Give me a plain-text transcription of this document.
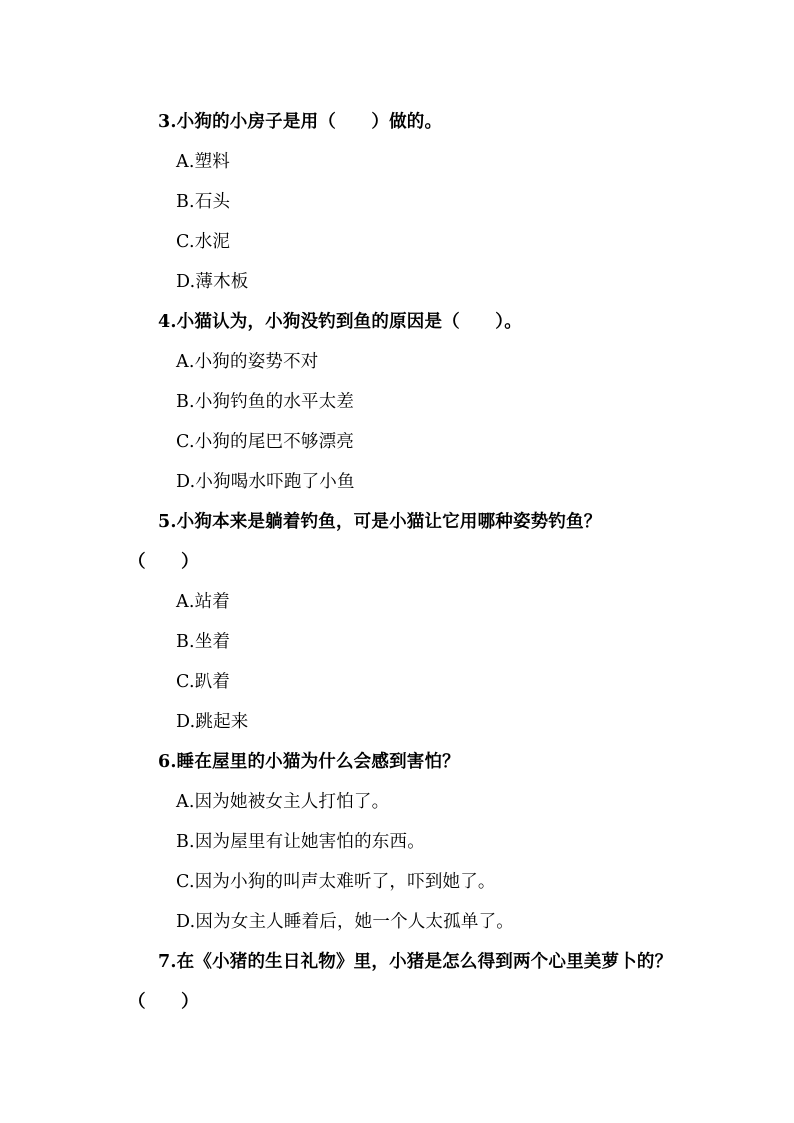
3.小狗的小房子是用（　　）做的。
A.塑料
B.石头
C.水泥
D.薄木板
4.小猫认为，小狗没钓到鱼的原因是（　　）。
A.小狗的姿势不对
B.小狗钓鱼的水平太差
C.小狗的尾巴不够漂亮
D.小狗喝水吓跑了小鱼
5.小狗本来是躺着钓鱼，可是小猫让它用哪种姿势钓鱼？
（　　）
A.站着
B.坐着
C.趴着
D.跳起来
6.睡在屋里的小猫为什么会感到害怕？
A.因为她被女主人打怕了。
B.因为屋里有让她害怕的东西。
C.因为小狗的叫声太难听了，吓到她了。
D.因为女主人睡着后，她一个人太孤单了。
7.在《小猪的生日礼物》里，小猪是怎么得到两个心里美萝卜的？
（　　）
